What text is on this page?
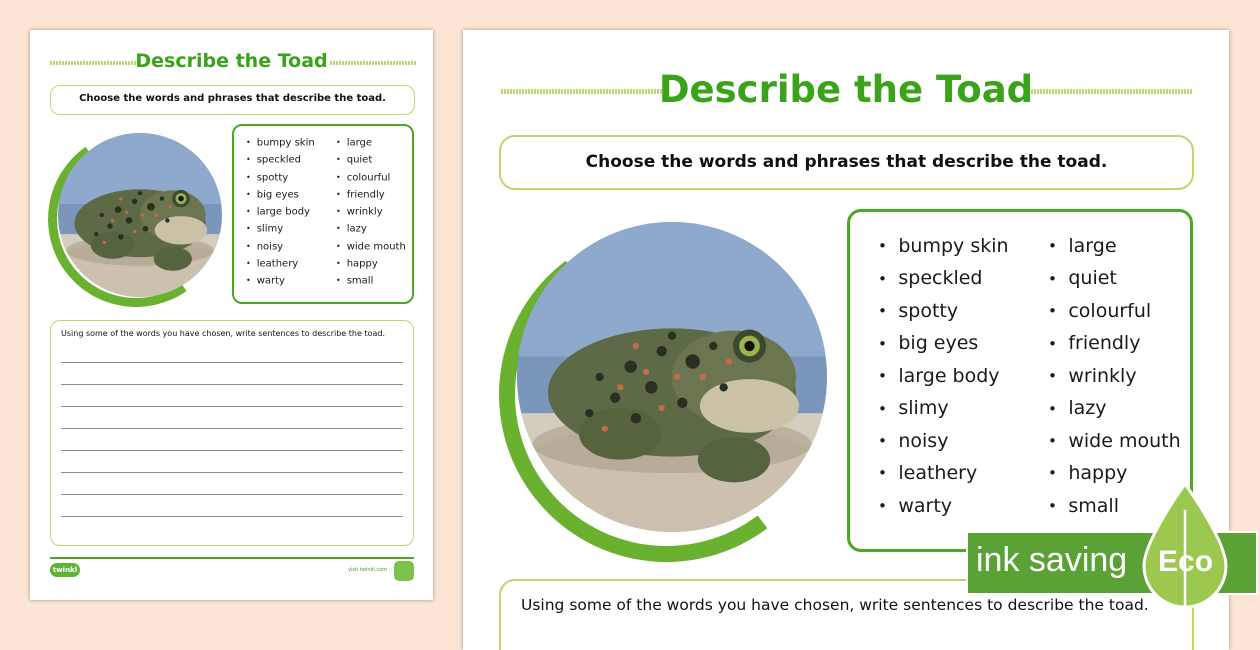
Describe the Toad
Choose the words and phrases that describe the toad.
• bumpy skin
• speckled
• spotty
• big eyes
• large body
• slimy
• noisy
• leathery
• warty
• large
• quiet
• colourful
• friendly
• wrinkly
• lazy
• wide mouth
• happy
• small
Using some of the words you have chosen, write sentences to describe the toad.
twinkl	visit twinkl.com
Describe the Toad
Choose the words and phrases that describe the toad.
• bumpy skin
• speckled
• spotty
• big eyes
• large body
• slimy
• noisy
• leathery
• warty
• large
• quiet
• colourful
• friendly
• wrinkly
• lazy
• wide mouth
• happy
• small
Using some of the words you have chosen, write sentences to describe the toad.
ink saving Eco
